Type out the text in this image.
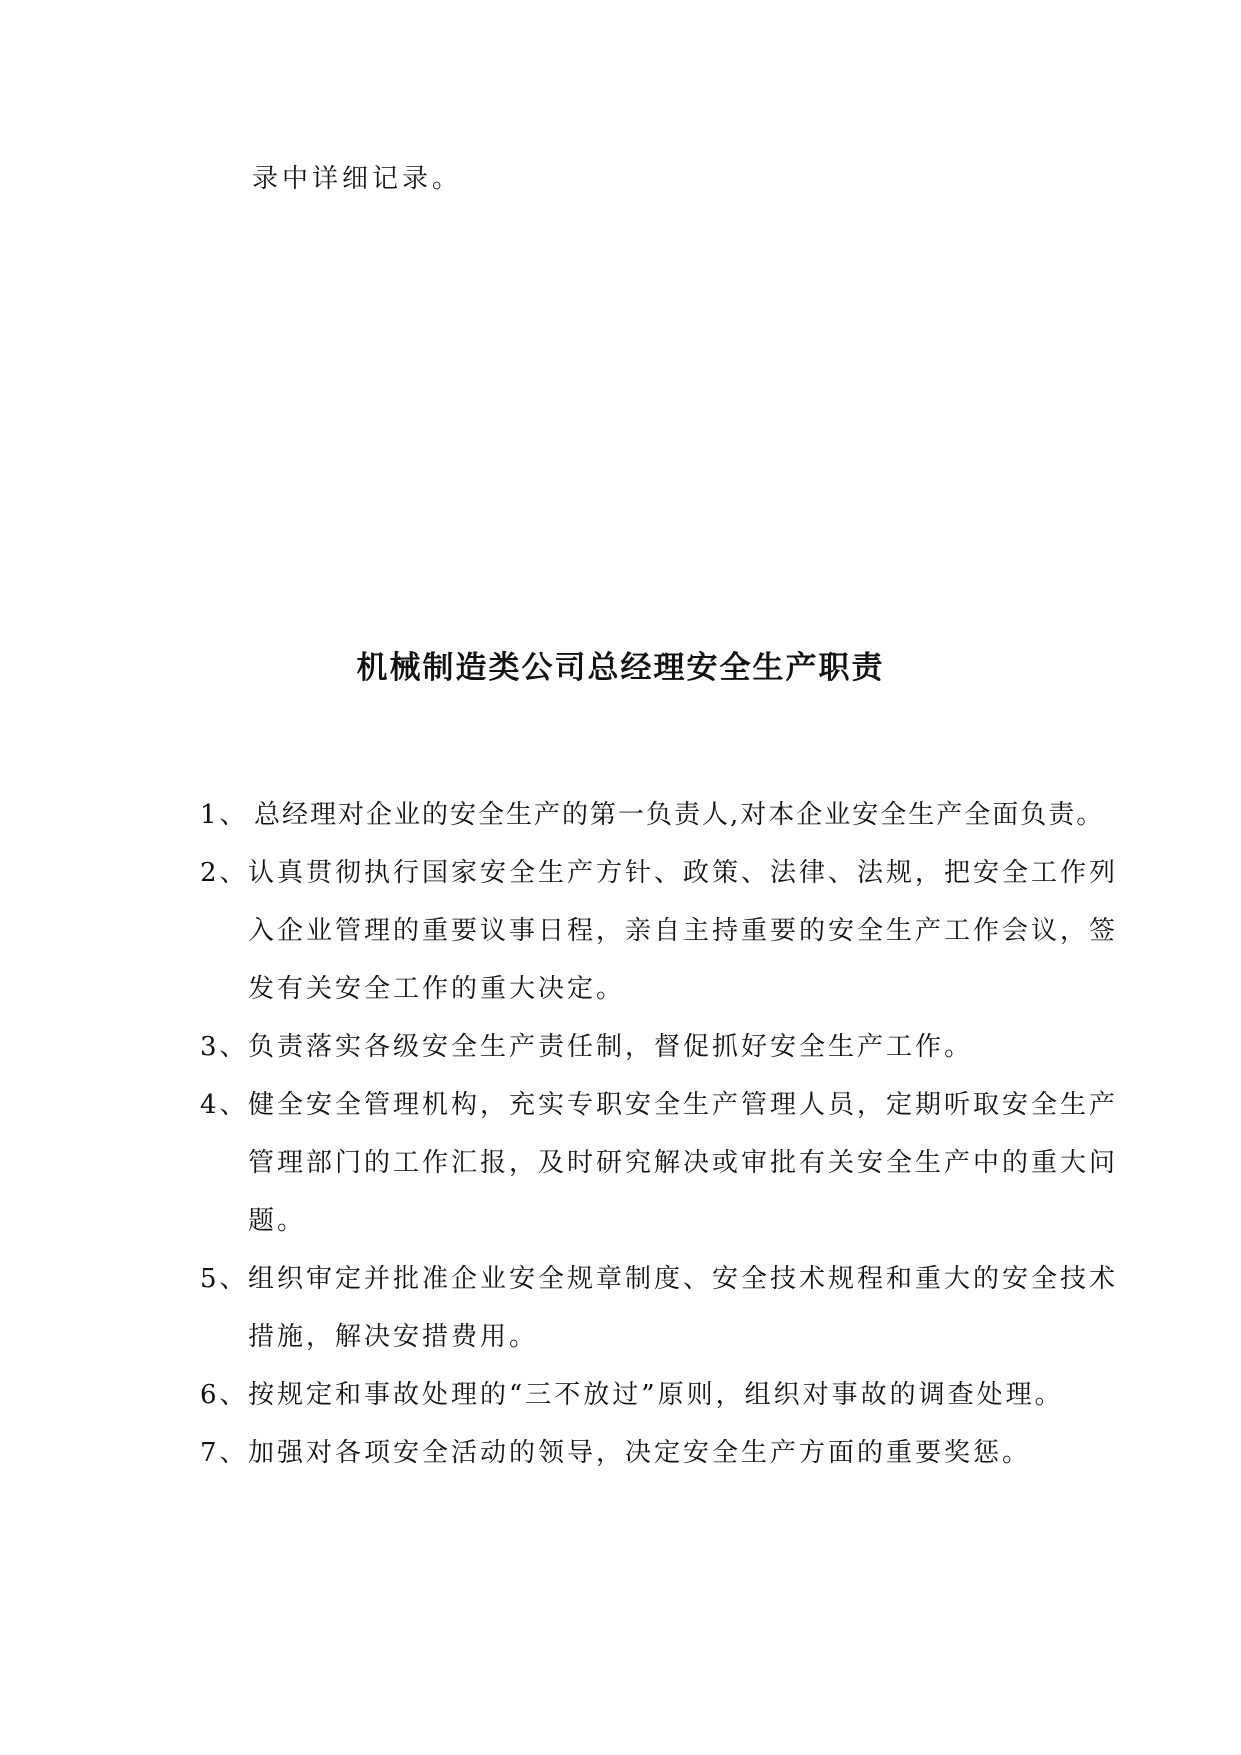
录中详细记录。
机械制造类公司总经理安全生产职责
1、 总经理对企业的安全生产的第一负责人,对本企业安全生产全面负责。
2、 认真贯彻执行国家安全生产方针、政策、法律、法规，把安全工作列入企业管理的重要议事日程，亲自主持重要的安全生产工作会议，签发有关安全工作的重大决定。
3、 负责落实各级安全生产责任制，督促抓好安全生产工作。
4、 健全安全管理机构，充实专职安全生产管理人员，定期听取安全生产管理部门的工作汇报，及时研究解决或审批有关安全生产中的重大问题。
5、 组织审定并批准企业安全规章制度、安全技术规程和重大的安全技术措施，解决安措费用。
6、 按规定和事故处理的“三不放过”原则，组织对事故的调查处理。
7、 加强对各项安全活动的领导，决定安全生产方面的重要奖惩。
